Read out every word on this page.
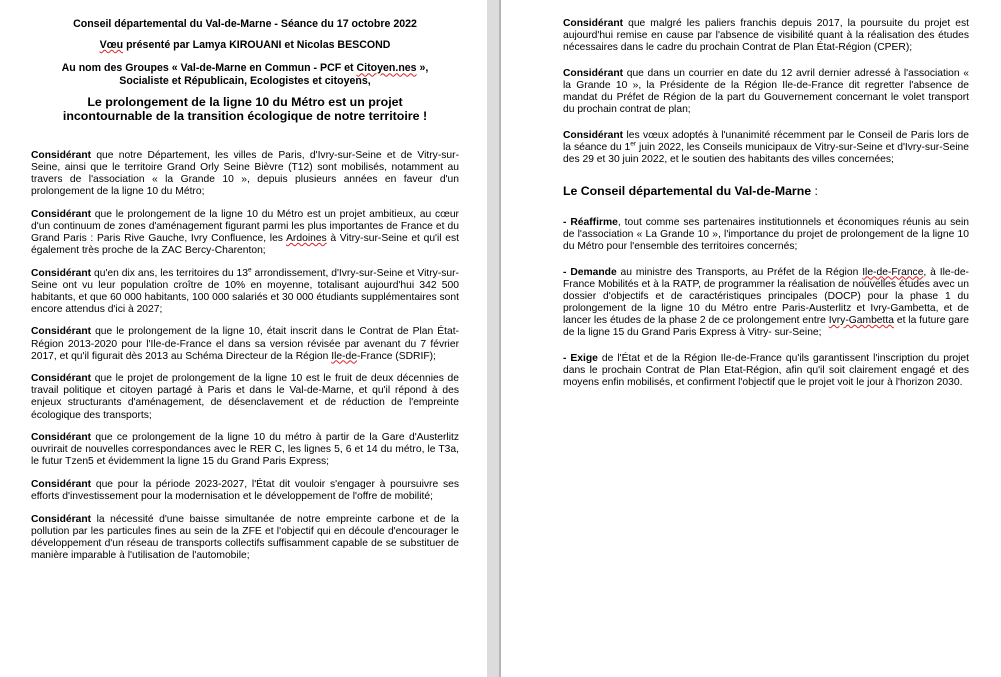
Conseil départemental du Val-de-Marne - Séance du 17 octobre 2022
Vœu présenté par Lamya KIROUANI et Nicolas BESCOND
Au nom des Groupes « Val-de-Marne en Commun - PCF et Citoyen.nes »,
Socialiste et Républicain, Ecologistes et citoyens,
Le prolongement de la ligne 10 du Métro est un projet
incontournable de la transition écologique de notre territoire !

Considérant que notre Département, les villes de Paris, d'Ivry-sur-Seine et de Vitry-sur-Seine, ainsi que le territoire Grand Orly Seine Bièvre (T12) sont mobilisés, notamment au travers de l'association « la Grande 10 », depuis plusieurs années en faveur d'un prolongement de la ligne 10 du Métro;

Considérant que le prolongement de la ligne 10 du Métro est un projet ambitieux, au cœur d'un continuum de zones d'aménagement figurant parmi les plus importantes de France et du Grand Paris : Paris Rive Gauche, Ivry Confluence, les Ardoines à Vitry-sur-Seine et qu'il est également très proche de la ZAC Bercy-Charenton;

Considérant qu'en dix ans, les territoires du 13e arrondissement, d'Ivry-sur-Seine et Vitry-sur-Seine ont vu leur population croître de 10% en moyenne, totalisant aujourd'hui 342 500 habitants, et que 60 000 habitants, 100 000 salariés et 30 000 étudiants supplémentaires sont encore attendus d'ici à 2027;

Considérant que le prolongement de la ligne 10, était inscrit dans le Contrat de Plan État-Région 2013-2020 pour l'Ile-de-France el dans sa version révisée par avenant du 7 février 2017, et qu'il figurait dès 2013 au Schéma Directeur de la Région Ile-de-France (SDRIF);

Considérant que le projet de prolongement de la ligne 10 est le fruit de deux décennies de travail politique et citoyen partagé à Paris et dans le Val-de-Marne, et qu'il répond à des enjeux structurants d'aménagement, de désenclavement et de réduction de l'empreinte écologique des transports;

Considérant que ce prolongement de la ligne 10 du métro à partir de la Gare d'Austerlitz ouvrirait de nouvelles correspondances avec le RER C, les lignes 5, 6 et 14 du métro, le T3a, le futur Tzen5 et évidemment la ligne 15 du Grand Paris Express;

Considérant que pour la période 2023-2027, l'État dit vouloir s'engager à poursuivre ses efforts d'investissement pour la modernisation et le développement de l'offre de mobilité;

Considérant la nécessité d'une baisse simultanée de notre empreinte carbone et de la pollution par les particules fines au sein de la ZFE et l'objectif qui en découle d'encourager le développement d'un réseau de transports collectifs suffisamment capable de se substituer de manière imparable à l'utilisation de l'automobile;

Considérant que malgré les paliers franchis depuis 2017, la poursuite du projet est aujourd'hui remise en cause par l'absence de visibilité quant à la réalisation des études nécessaires dans le cadre du prochain Contrat de Plan État-Région (CPER);

Considérant que dans un courrier en date du 12 avril dernier adressé à l'association « la Grande 10 », la Présidente de la Région Ile-de-France dit regretter l'absence de mandat du Préfet de Région de la part du Gouvernement concernant le volet transport du prochain contrat de plan;

Considérant les vœux adoptés à l'unanimité récemment par le Conseil de Paris lors de la séance du 1er juin 2022, les Conseils municipaux de Vitry-sur-Seine et d'Ivry-sur-Seine des 29 et 30 juin 2022, et le soutien des habitants des villes concernées;

Le Conseil départemental du Val-de-Marne :

- Réaffirme, tout comme ses partenaires institutionnels et économiques réunis au sein de l'association « La Grande 10 », l'importance du projet de prolongement de la ligne 10 du Métro pour l'ensemble des territoires concernés;

- Demande au ministre des Transports, au Préfet de la Région Ile-de-France, à Ile-de-France Mobilités et à la RATP, de programmer la réalisation de nouvelles études avec un dossier d'objectifs et de caractéristiques principales (DOCP) pour la phase 1 du prolongement de la ligne 10 du Métro entre Paris-Austerlitz et Ivry-Gambetta, et de lancer les études de la phase 2 de ce prolongement entre Ivry-Gambetta et la future gare de la ligne 15 du Grand Paris Express à Vitry- sur-Seine;

- Exige de l'État et de la Région Ile-de-France qu'ils garantissent l'inscription du projet dans le prochain Contrat de Plan Etat-Région, afin qu'il soit clairement engagé et des moyens enfin mobilisés, et confirment l'objectif que le projet voit le jour à l'horizon 2030.
